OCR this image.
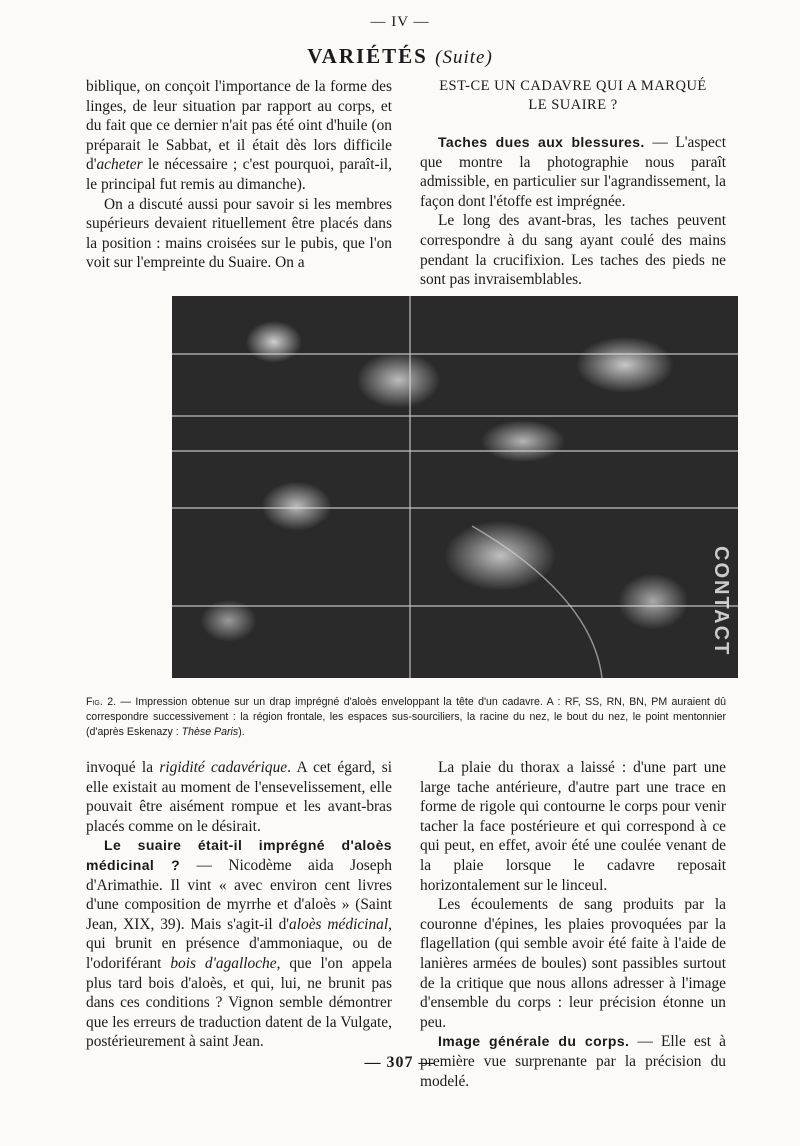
— IV —
VARIÉTÉS (Suite)

biblique, on conçoit l'importance de la forme des linges, de leur situation par rapport au corps, et du fait que ce dernier n'ait pas été oint d'huile (on préparait le Sabbat, et il était dès lors difficile d'acheter le nécessaire ; c'est pourquoi, paraît-il, le principal fut remis au dimanche).

On a discuté aussi pour savoir si les membres supérieurs devaient rituellement être placés dans la position : mains croisées sur le pubis, que l'on voit sur l'empreinte du Suaire. On a

EST-CE UN CADAVRE QUI A MARQUÉ
LE SUAIRE ?

Taches dues aux blessures. — L'aspect que montre la photographie nous paraît admissible, en particulier sur l'agrandissement, la façon dont l'étoffe est imprégnée.

Le long des avant-bras, les taches peuvent correspondre à du sang ayant coulé des mains pendant la crucifixion. Les taches des pieds ne sont pas invraisemblables.

CONTACT
Fig. 2. — Impression obtenue sur un drap imprégné d'aloès enveloppant la tête d'un cadavre. A : RF, SS, RN, BN, PM auraient dû correspondre successivement : la région frontale, les espaces sus-sourciliers, la racine du nez, le bout du nez, le point mentonnier (d'après Eskenazy : Thèse Paris).

invoqué la rigidité cadavérique. A cet égard, si elle existait au moment de l'ensevelissement, elle pouvait être aisément rompue et les avant-bras placés comme on le désirait.

Le suaire était-il imprégné d'aloès médicinal ? — Nicodème aida Joseph d'Arimathie. Il vint « avec environ cent livres d'une composition de myrrhe et d'aloès » (Saint Jean, XIX, 39). Mais s'agit-il d'aloès médicinal, qui brunit en présence d'ammoniaque, ou de l'odoriférant bois d'agalloche, que l'on appela plus tard bois d'aloès, et qui, lui, ne brunit pas dans ces conditions ? Vignon semble démontrer que les erreurs de traduction datent de la Vulgate, postérieurement à saint Jean.

La plaie du thorax a laissé : d'une part une large tache antérieure, d'autre part une trace en forme de rigole qui contourne le corps pour venir tacher la face postérieure et qui correspond à ce qui peut, en effet, avoir été une coulée venant de la plaie lorsque le cadavre reposait horizontalement sur le linceul.

Les écoulements de sang produits par la couronne d'épines, les plaies provoquées par la flagellation (qui semble avoir été faite à l'aide de lanières armées de boules) sont passibles surtout de la critique que nous allons adresser à l'image d'ensemble du corps : leur précision étonne un peu.

Image générale du corps. — Elle est à première vue surprenante par la précision du modelé.

— 307 —
